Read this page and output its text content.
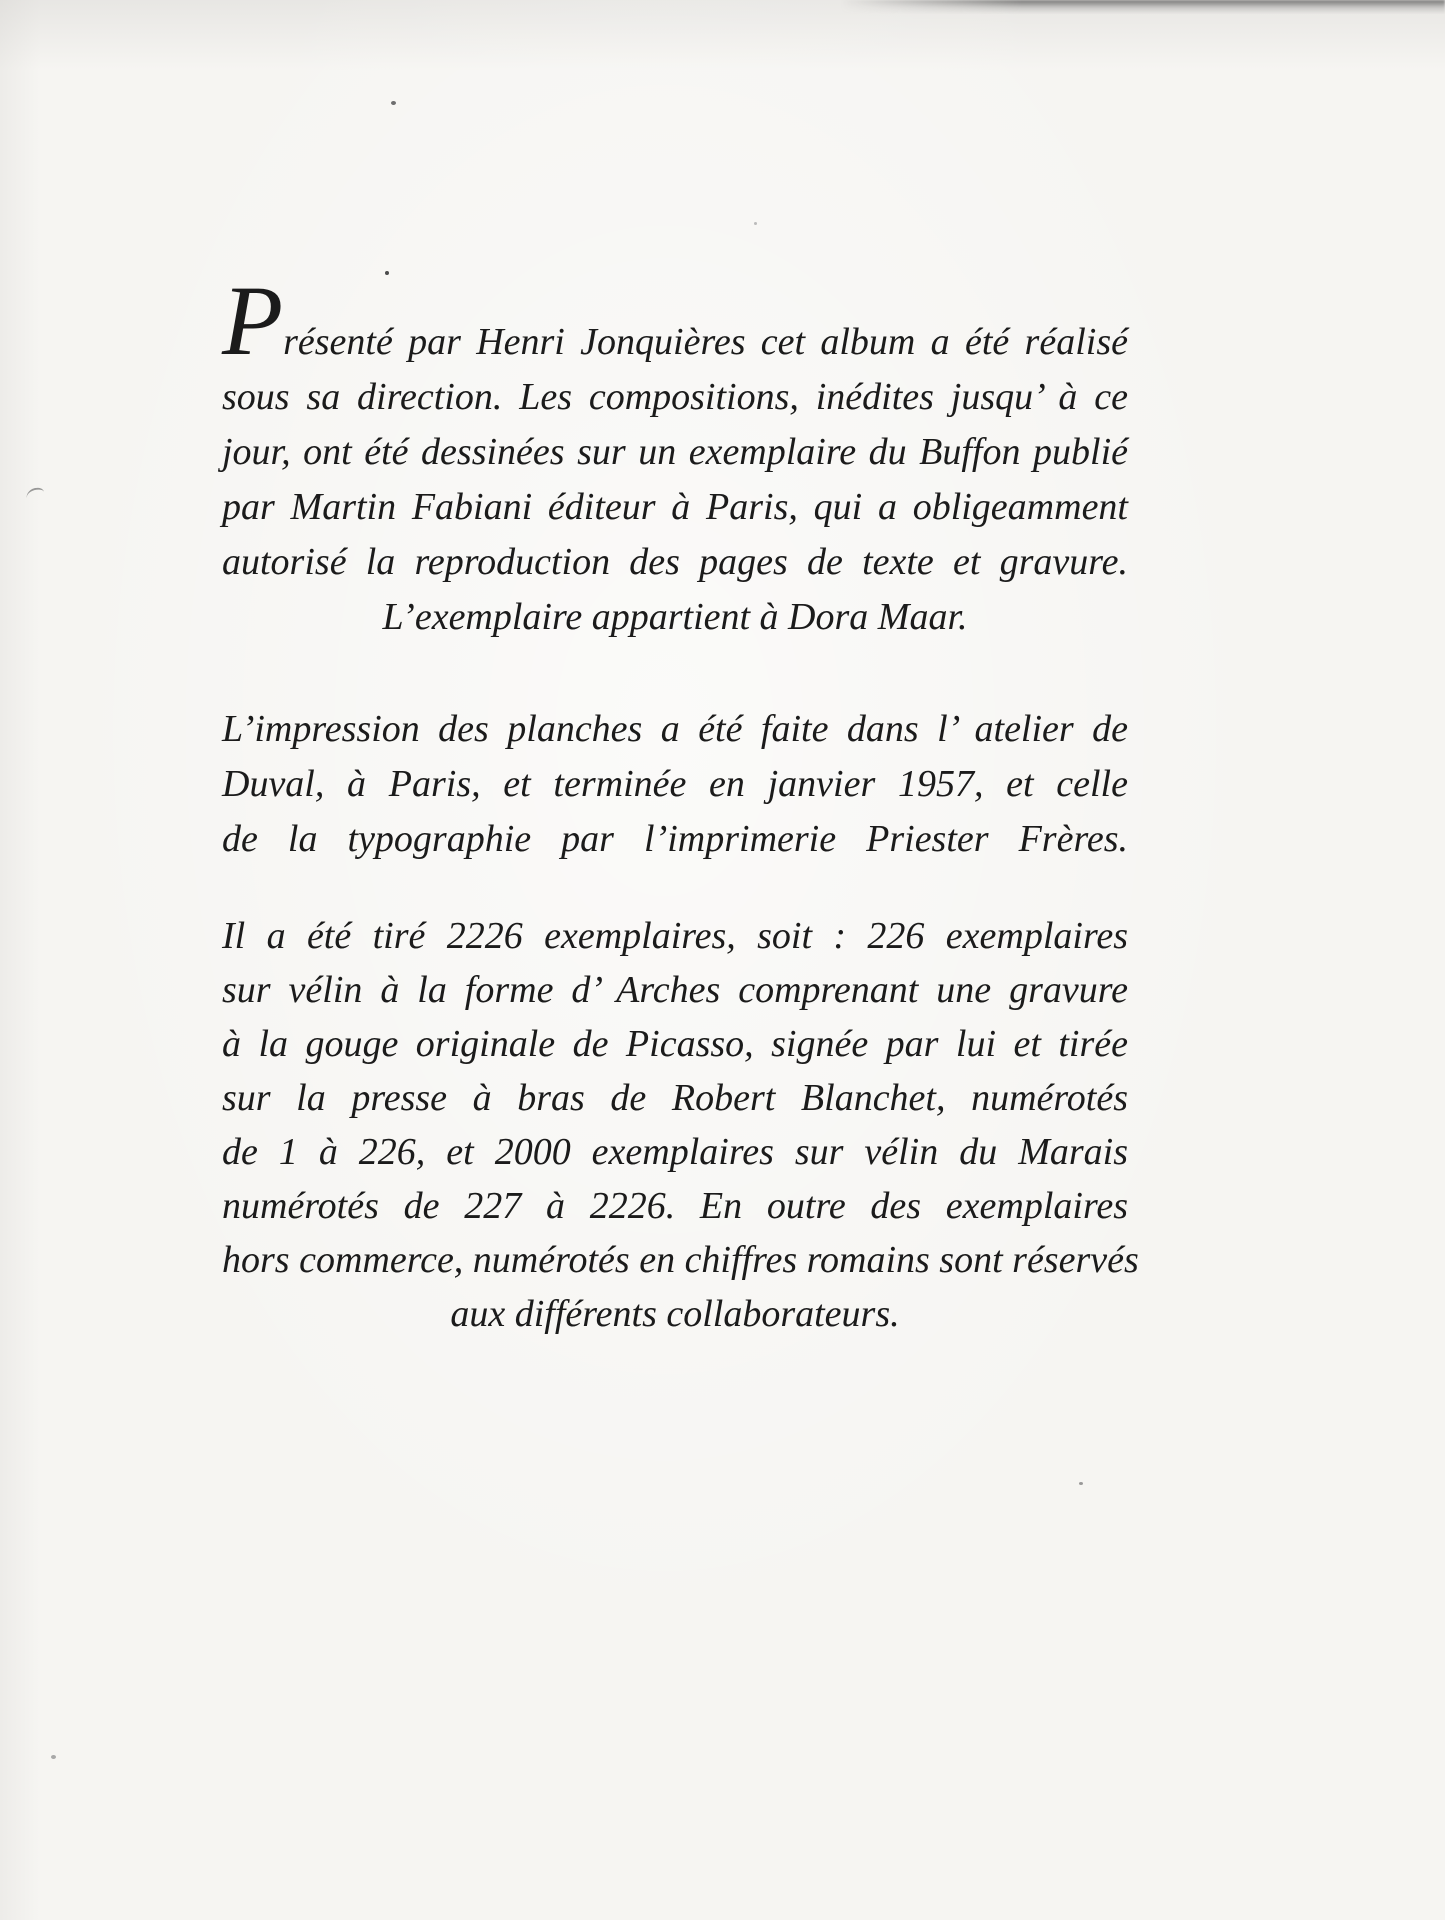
Présenté par Henri Jonquières cet album a été réalisé
sous sa direction. Les compositions, inédites jusqu’ à ce
jour, ont été dessinées sur un exemplaire du Buffon publié
par Martin Fabiani éditeur à Paris, qui a obligeamment
autorisé la reproduction des pages de texte et gravure.
L’exemplaire appartient à Dora Maar.
L’impression des planches a été faite dans l’ atelier de
Duval, à Paris, et terminée en janvier 1957, et celle
de la typographie par l’imprimerie Priester Frères.
Il a été tiré 2226 exemplaires, soit : 226 exemplaires
sur vélin à la forme d’ Arches comprenant une gravure
à la gouge originale de Picasso, signée par lui et tirée
sur la presse à bras de Robert Blanchet, numérotés
de 1 à 226, et 2000 exemplaires sur vélin du Marais
numérotés de 227 à 2226. En outre des exemplaires
hors commerce, numérotés en chiffres romains sont réservés
aux différents collaborateurs.
